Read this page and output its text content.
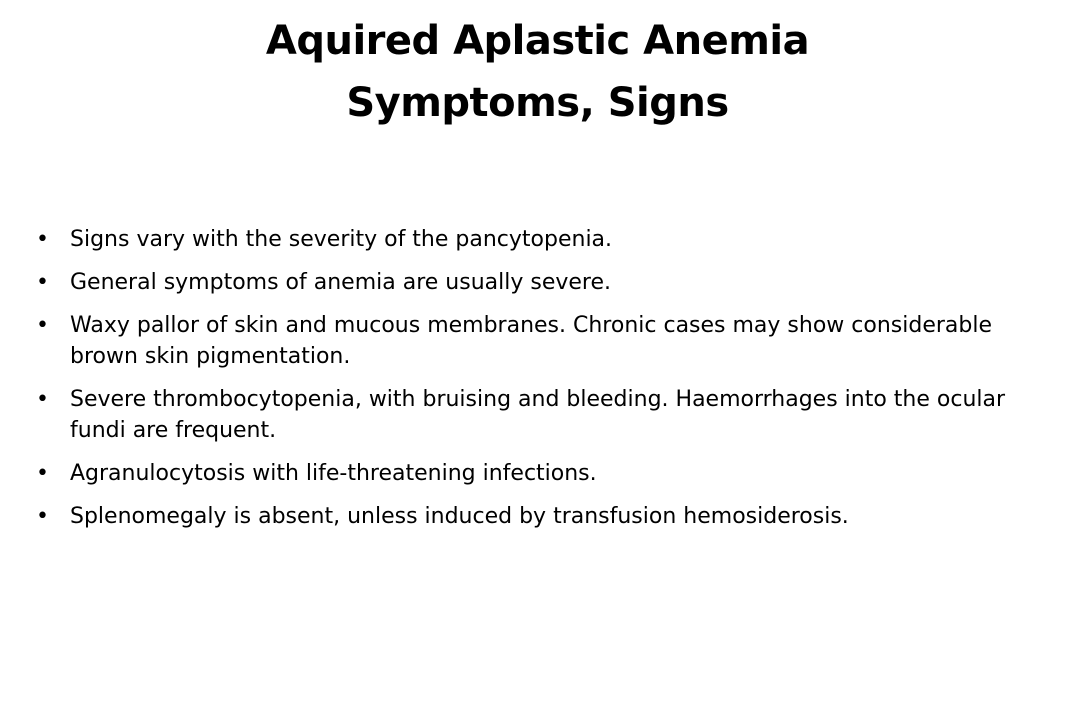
Aquired Aplastic Anemia
Symptoms, Signs
• Signs vary with the severity of the pancytopenia.
• General symptoms of anemia are usually severe.
• Waxy pallor of skin and mucous membranes. Chronic cases may show considerable brown skin pigmentation.
• Severe thrombocytopenia, with bruising and bleeding. Haemorrhages into the ocular fundi are frequent.
• Agranulocytosis with life-threatening infections.
• Splenomegaly is absent, unless induced by transfusion hemosiderosis.
